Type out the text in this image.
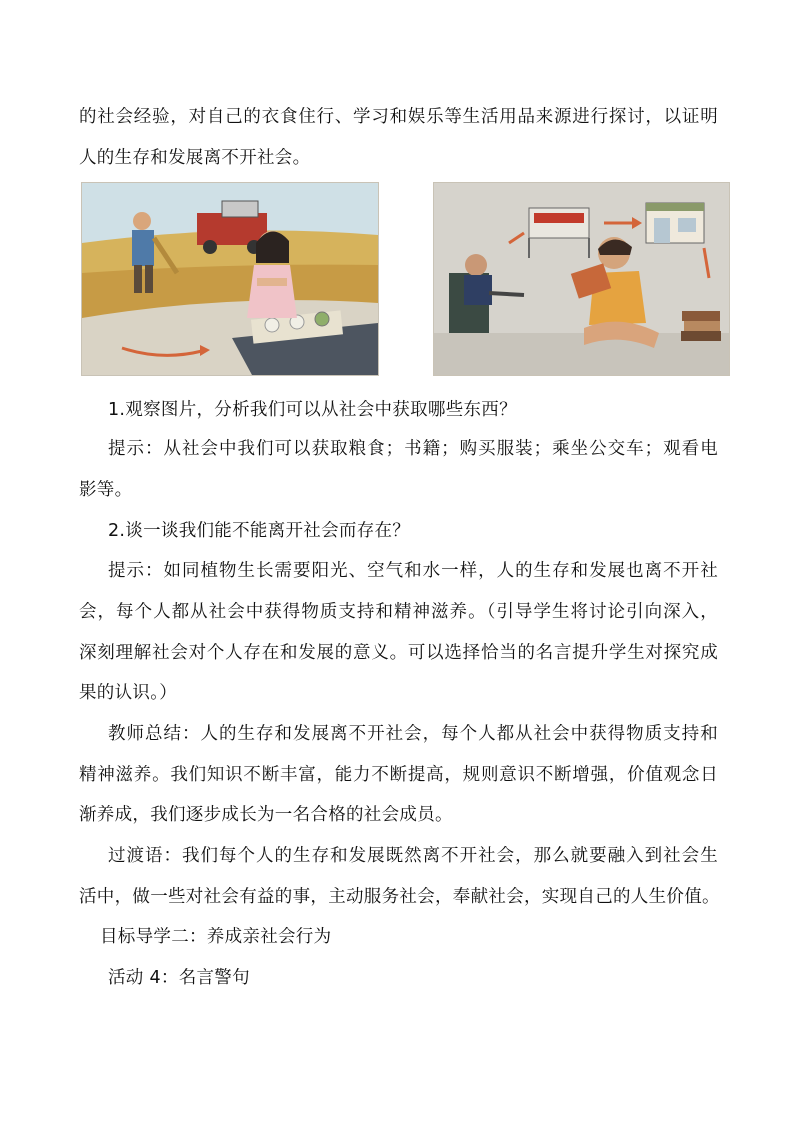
的社会经验，对自己的衣食住行、学习和娱乐等生活用品来源进行探讨，以证明
人的生存和发展离不开社会。
1.观察图片，分析我们可以从社会中获取哪些东西？
提示：从社会中我们可以获取粮食；书籍；购买服装；乘坐公交车；观看电
影等。
2.谈一谈我们能不能离开社会而存在？
提示：如同植物生长需要阳光、空气和水一样，人的生存和发展也离不开社
会，每个人都从社会中获得物质支持和精神滋养。（引导学生将讨论引向深入，
深刻理解社会对个人存在和发展的意义。可以选择恰当的名言提升学生对探究成
果的认识。）
教师总结：人的生存和发展离不开社会，每个人都从社会中获得物质支持和
精神滋养。我们知识不断丰富，能力不断提高，规则意识不断增强，价值观念日
渐养成，我们逐步成长为一名合格的社会成员。
过渡语：我们每个人的生存和发展既然离不开社会，那么就要融入到社会生
活中，做一些对社会有益的事，主动服务社会，奉献社会，实现自己的人生价值。
目标导学二：养成亲社会行为
活动 4：名言警句
